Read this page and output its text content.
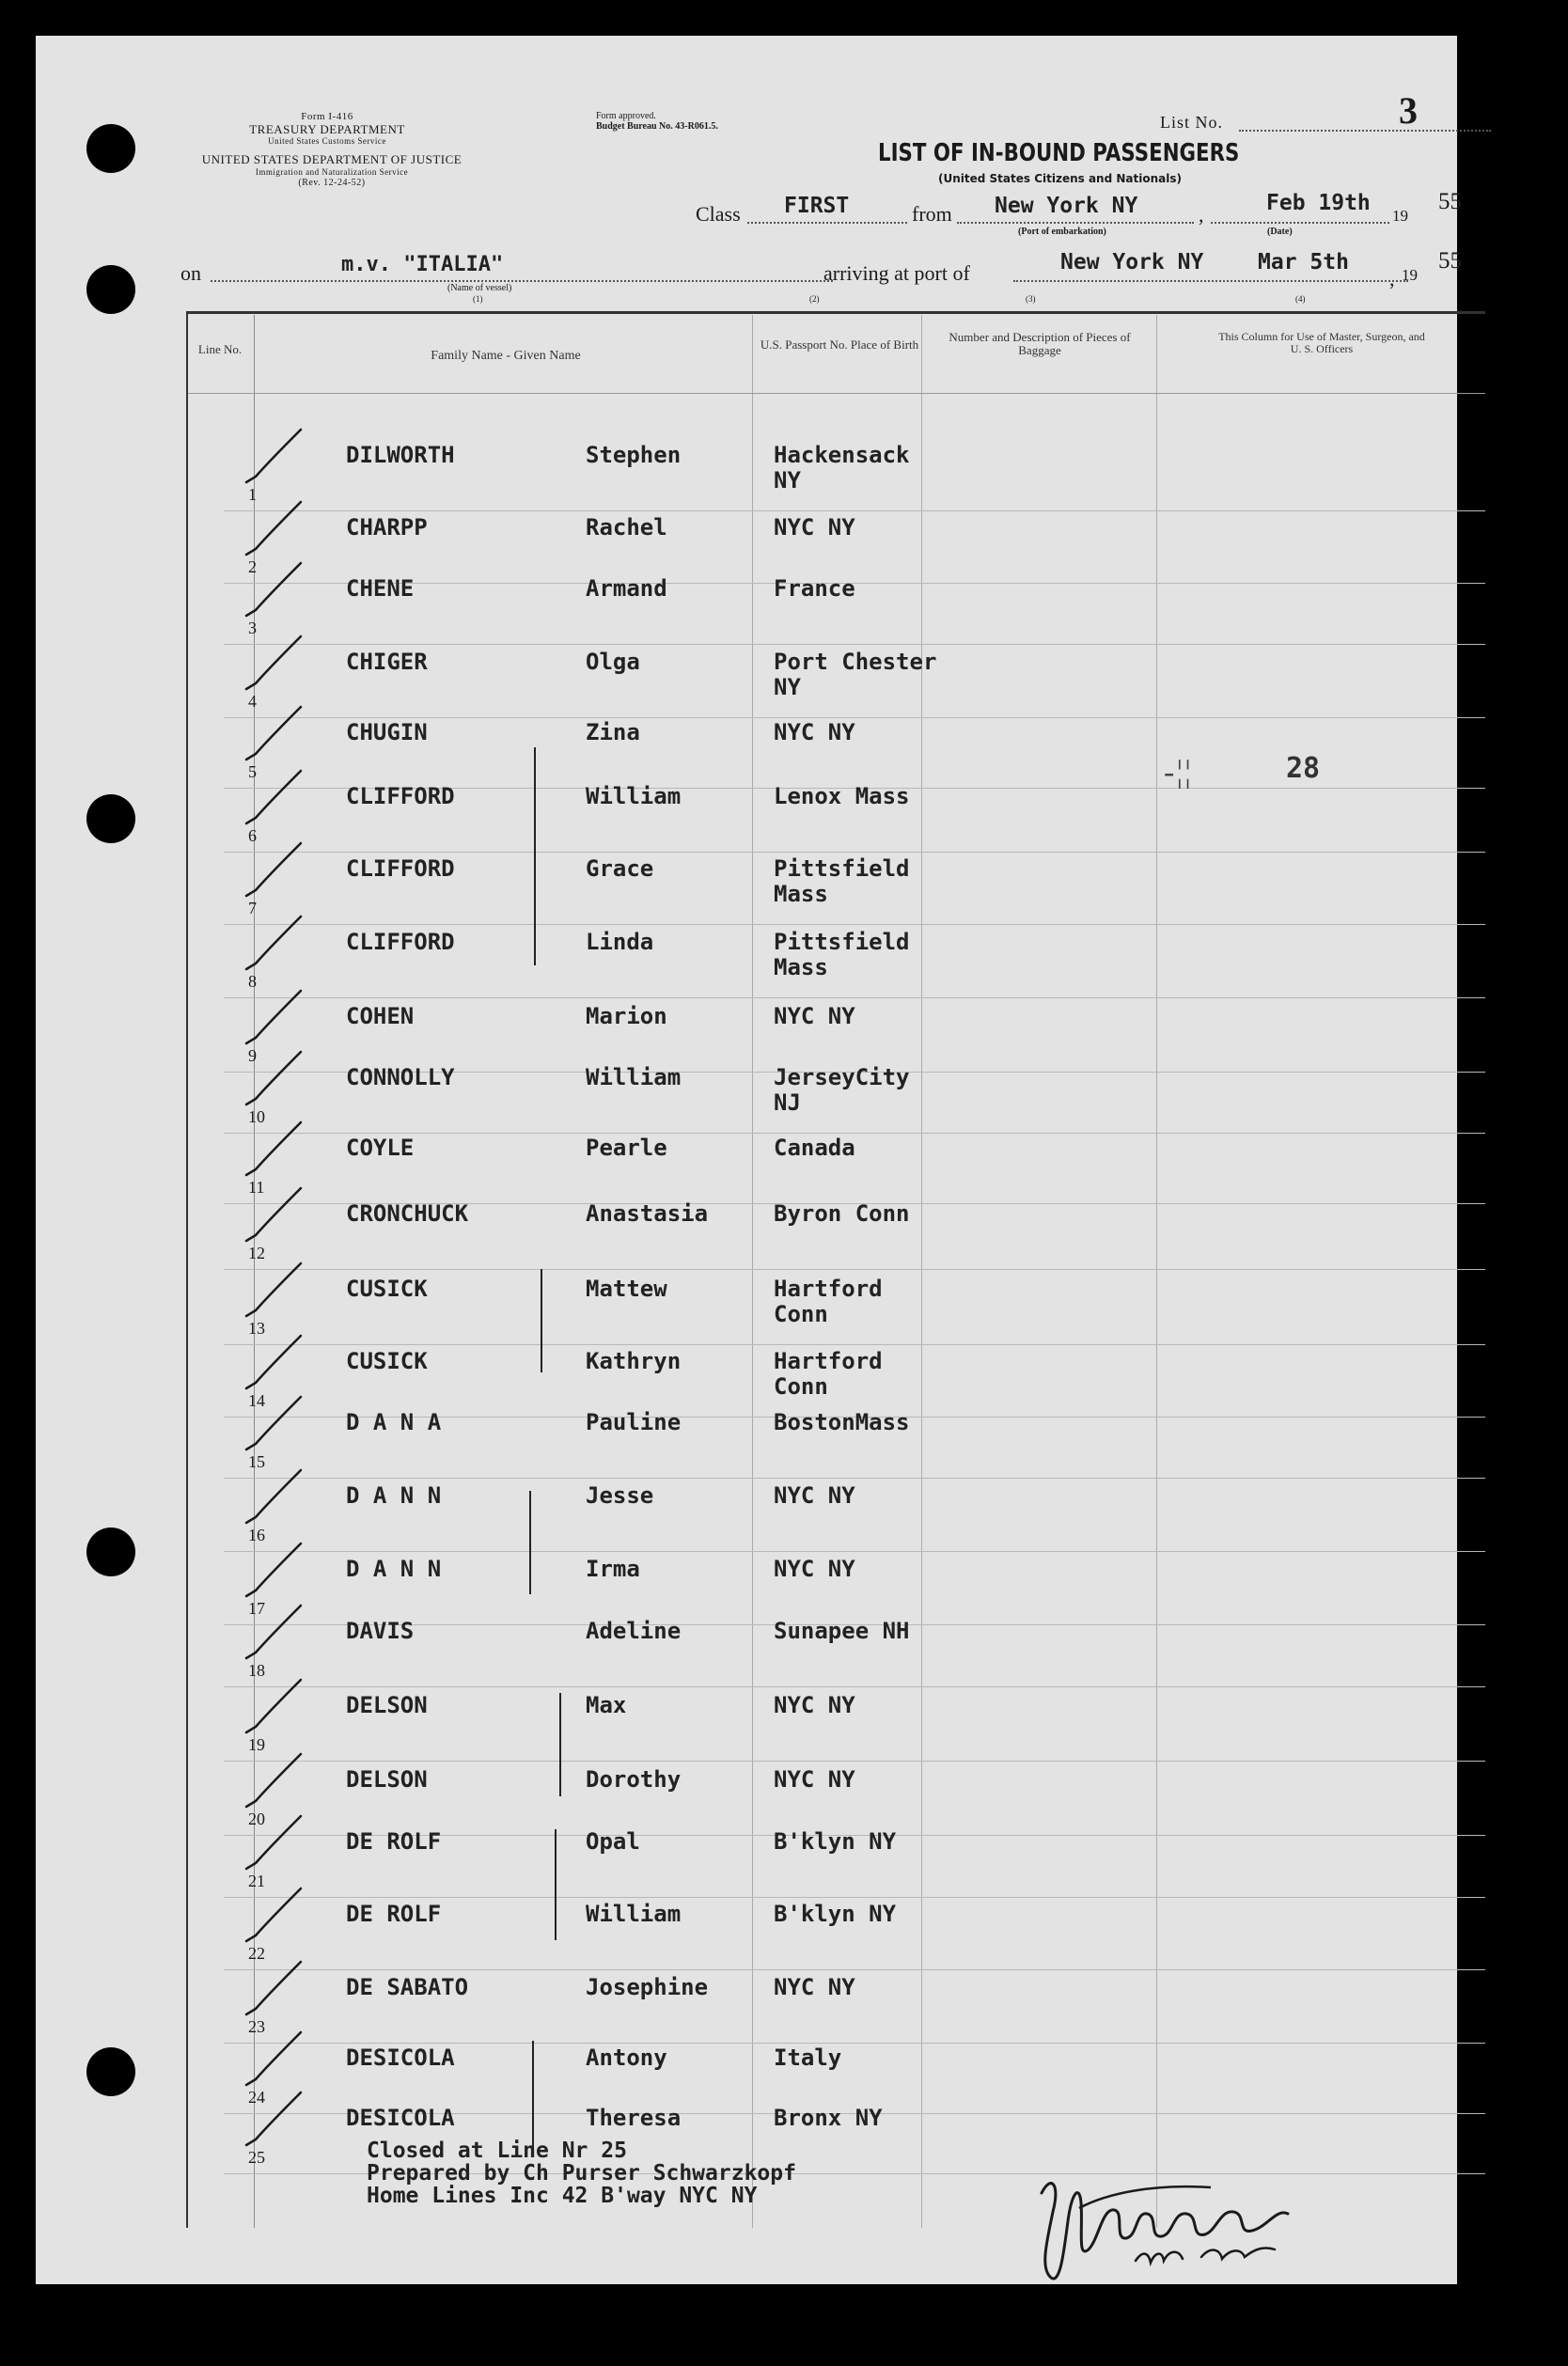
Form I-416
TREASURY DEPARTMENT
United States Customs Service
UNITED STATES DEPARTMENT OF JUSTICE
Immigration and Naturalization Service
(Rev. 12-24-52)
Form approved.
Budget Bureau No. 43-R061.5.	List No.	3
LIST OF IN-BOUND PASSENGERS
(United States Citizens and Nationals)
Class FIRST	from New York NY	,	Feb 19th
19
55
(Port of embarkation)	(Date)
on	m.v. "ITALIA"	arriving at port of	New York NY	Mar 5th
, 19
55
(Name of vessel)
(1)	(2)	(3)	(4)
Line No.	Family Name - Given Name
U.S. Passport No. Place of Birth
Number and Description of Pieces of Baggage
This Column for Use of Master, Surgeon, and U. S. Officers
DILWORTH	Stephen	Hackensack
NY
1
CHARPP	Rachel	NYC NY
2
CHENE	Armand	France
3
CHIGER	Olga	Port Chester
NY
4
CHUGIN	Zina	NYC NY
5
CLIFFORD	William	Lenox Mass
6
CLIFFORD	Grace	Pittsfield
Mass
7
CLIFFORD	Linda	Pittsfield
Mass
8
COHEN	Marion	NYC NY
9
CONNOLLY	William	JerseyCity
NJ
10
COYLE	Pearle	Canada
11
CRONCHUCK	Anastasia	Byron Conn
12
CUSICK	Mattew	Hartford
Conn
13
CUSICK	Kathryn	Hartford
Conn
14
D A N A	Pauline	BostonMass
15
D A N N	Jesse	NYC NY
16
D A N N	Irma	NYC NY
17
DAVIS	Adeline	Sunapee NH
18
DELSON	Max	NYC NY
19
DELSON	Dorothy	NYC NY
20
DE ROLF	Opal	B'klyn NY
21
DE ROLF	William	B'klyn NY
22
DE SABATO	Josephine	NYC NY
23
DESICOLA	Antony	Italy
24
DESICOLA	Theresa	Bronx NY
25
-¦¦	28
Closed at Line Nr 25
Prepared by Ch Purser Schwarzkopf
Home Lines Inc 42 B'way NYC NY
